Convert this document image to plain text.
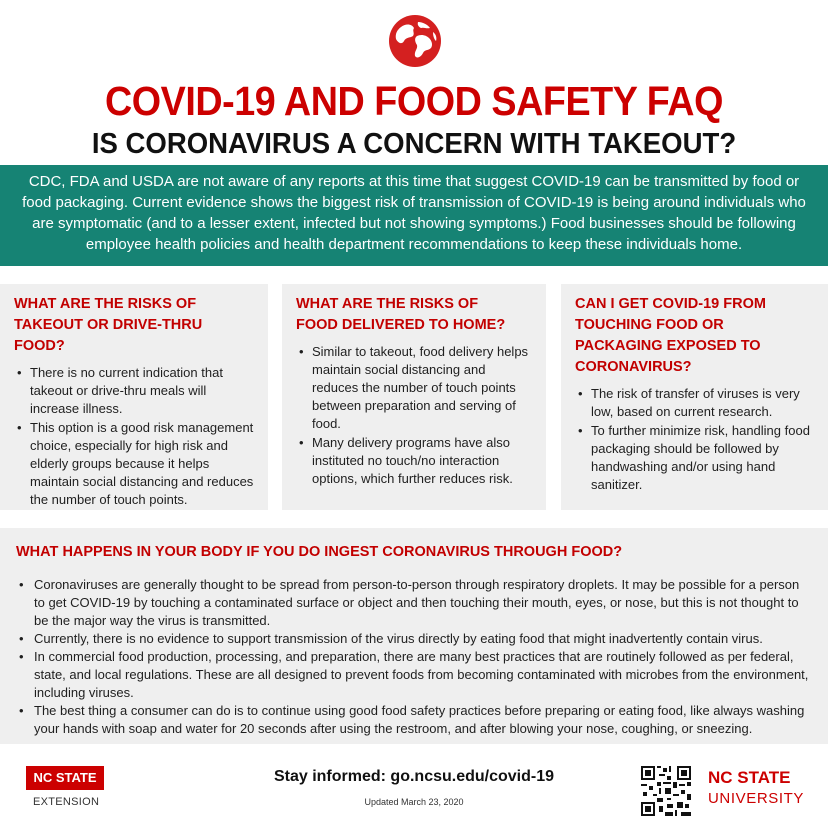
COVID-19 AND FOOD SAFETY FAQ
IS CORONAVIRUS A CONCERN WITH TAKEOUT?

CDC, FDA and USDA are not aware of any reports at this time that suggest COVID-19 can be transmitted by food or food packaging. Current evidence shows the biggest risk of transmission of COVID-19 is being around individuals who are symptomatic (and to a lesser extent, infected but not showing symptoms.) Food businesses should be following employee health policies and health department recommendations to keep these individuals home.

WHAT ARE THE RISKS OF TAKEOUT OR DRIVE-THRU FOOD?
• There is no current indication that takeout or drive-thru meals will increase illness.
• This option is a good risk management choice, especially for high risk and elderly groups because it helps maintain social distancing and reduces the number of touch points.
WHAT ARE THE RISKS OF FOOD DELIVERED TO HOME?
• Similar to takeout, food delivery helps maintain social distancing and reduces the number of touch points between preparation and serving of food.
• Many delivery programs have also instituted no touch/no interaction options, which further reduces risk.
CAN I GET COVID-19 FROM TOUCHING FOOD OR PACKAGING EXPOSED TO CORONAVIRUS?
• The risk of transfer of viruses is very low, based on current research.
• To further minimize risk, handling food packaging should be followed by handwashing and/or using hand sanitizer.
WHAT HAPPENS IN YOUR BODY IF YOU DO INGEST CORONAVIRUS THROUGH FOOD?
• Coronaviruses are generally thought to be spread from person-to-person through respiratory droplets. It may be possible for a person to get COVID-19 by touching a contaminated surface or object and then touching their mouth, eyes, or nose, but this is not thought to be the major way the virus is transmitted.
• Currently, there is no evidence to support transmission of the virus directly by eating food that might inadvertently contain virus.
• In commercial food production, processing, and preparation, there are many best practices that are routinely followed as per federal, state, and local regulations. These are all designed to prevent foods from becoming contaminated with microbes from the environment, including viruses.
• The best thing a consumer can do is to continue using good food safety practices before preparing or eating food, like always washing your hands with soap and water for 20 seconds after using the restroom, and after blowing your nose, coughing, or sneezing.
NC STATE
EXTENSION
Stay informed: go.ncsu.edu/covid-19
Updated March 23, 2020
NC STATE
UNIVERSITY
